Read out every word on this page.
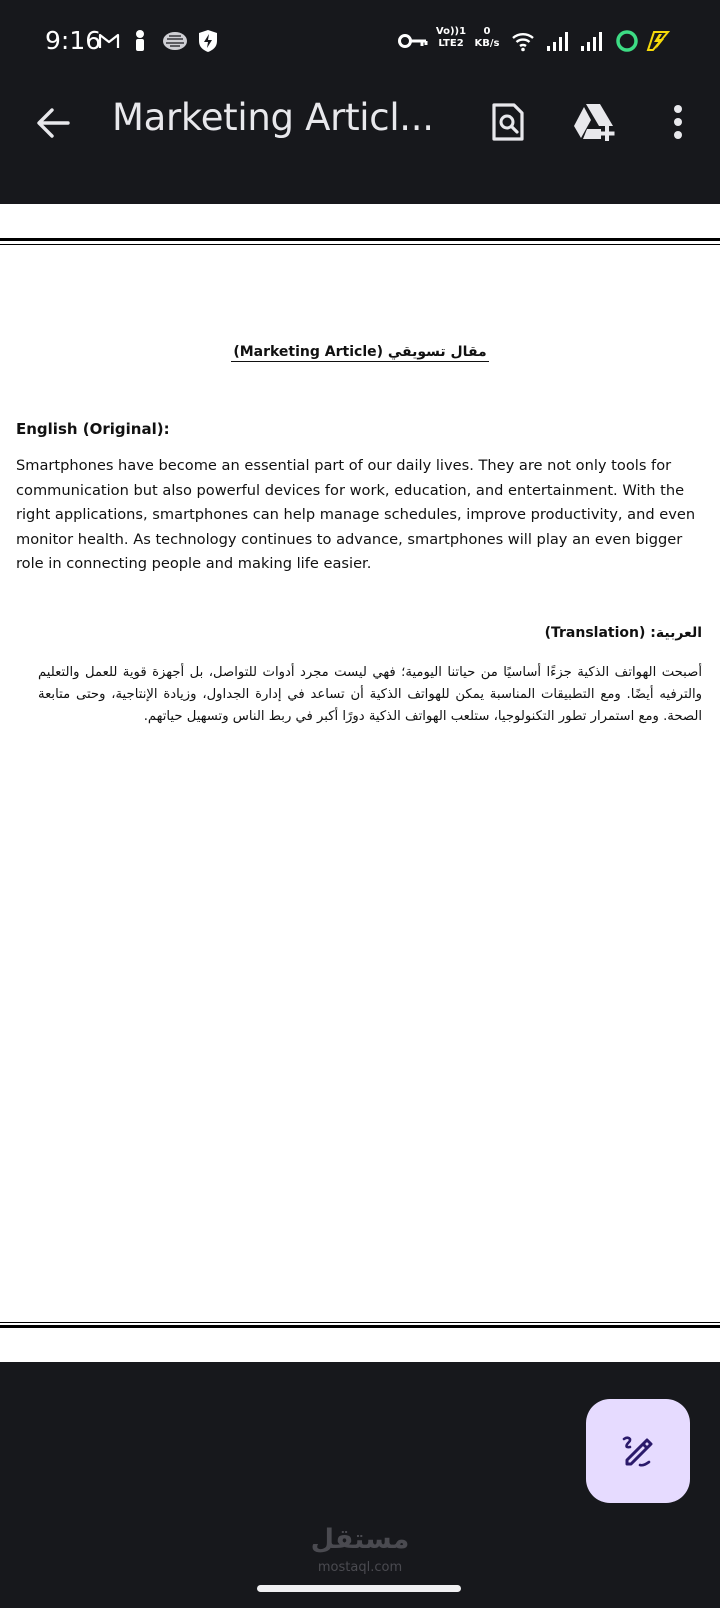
9:16	Vo))1
LTE2
0
KB/s
Marketing Articl...
مقال تسويقي (Marketing Article)
English (Original):
Smartphones have become an essential part of our daily lives. They are not only tools for communication but also powerful devices for work, education, and entertainment. With the right applications, smartphones can help manage schedules, improve productivity, and even monitor health. As technology continues to advance, smartphones will play an even bigger role in connecting people and making life easier.
العربية: (Translation)
أصبحت الهواتف الذكية جزءًا أساسيًا من حياتنا اليومية؛ فهي ليست مجرد أدوات للتواصل، بل أجهزة قوية للعمل والتعليم والترفيه أيضًا. ومع التطبيقات المناسبة يمكن للهواتف الذكية أن تساعد في إدارة الجداول، وزيادة الإنتاجية، وحتى متابعة الصحة. ومع استمرار تطور التكنولوجيا، ستلعب الهواتف الذكية دورًا أكبر في ربط الناس وتسهيل حياتهم.
مستقل
mostaql.com
